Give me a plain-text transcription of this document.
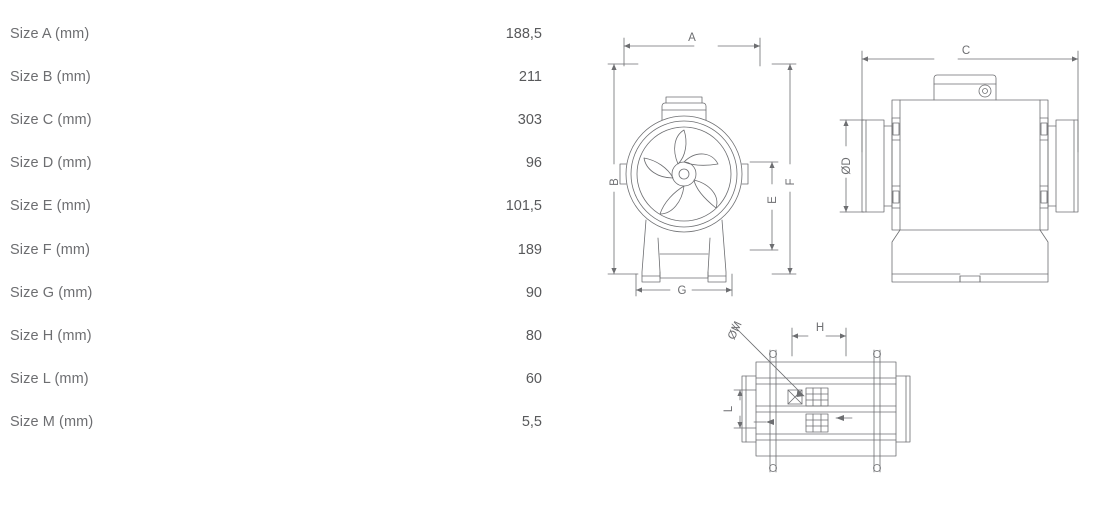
Size A (mm)	188,5
Size B (mm)	211
Size C (mm)	303
Size D (mm)	96
Size E (mm)	101,5
Size F (mm)	189
Size G (mm)	90
Size H (mm)	80
Size L (mm)	60
Size M (mm)	5,5
A
B	F
E
G
C
ØD
H
L
ØM
